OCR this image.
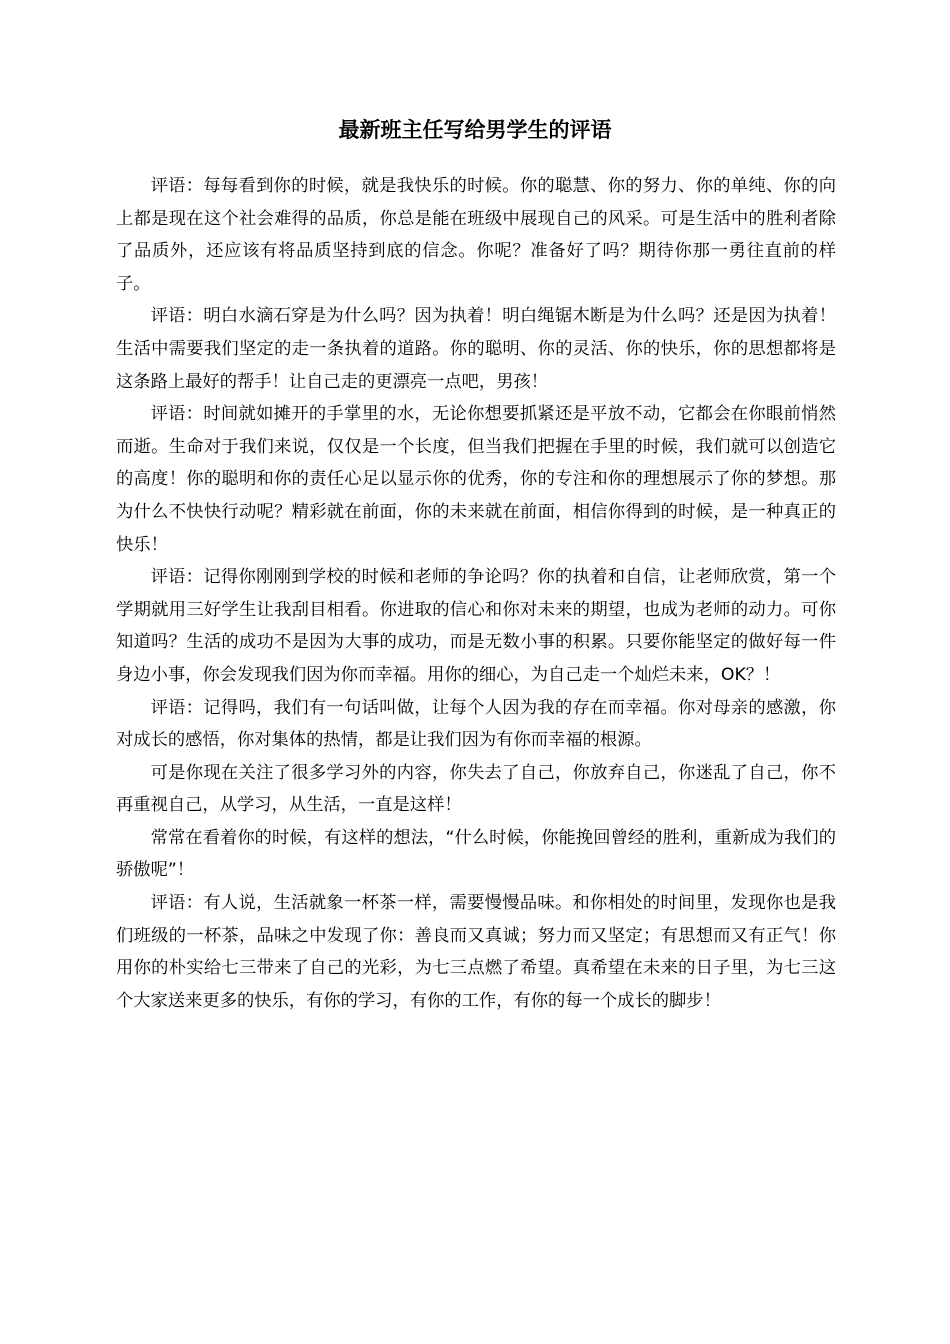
最新班主任写给男学生的评语

评语：每每看到你的时候，就是我快乐的时候。你的聪慧、你的努力、你的单纯、你的向上都是现在这个社会难得的品质，你总是能在班级中展现自己的风采。可是生活中的胜利者除了品质外，还应该有将品质坚持到底的信念。你呢？准备好了吗？期待你那一勇往直前的样子。

评语：明白水滴石穿是为什么吗？因为执着！明白绳锯木断是为什么吗？还是因为执着！生活中需要我们坚定的走一条执着的道路。你的聪明、你的灵活、你的快乐，你的思想都将是这条路上最好的帮手！让自己走的更漂亮一点吧，男孩！

评语：时间就如摊开的手掌里的水，无论你想要抓紧还是平放不动，它都会在你眼前悄然而逝。生命对于我们来说，仅仅是一个长度，但当我们把握在手里的时候，我们就可以创造它的高度！你的聪明和你的责任心足以显示你的优秀，你的专注和你的理想展示了你的梦想。那为什么不快快行动呢？精彩就在前面，你的未来就在前面，相信你得到的时候，是一种真正的快乐！

评语：记得你刚刚到学校的时候和老师的争论吗？你的执着和自信，让老师欣赏，第一个学期就用三好学生让我刮目相看。你进取的信心和你对未来的期望，也成为老师的动力。可你知道吗？生活的成功不是因为大事的成功，而是无数小事的积累。只要你能坚定的做好每一件身边小事，你会发现我们因为你而幸福。用你的细心，为自己走一个灿烂未来，OK？！

评语：记得吗，我们有一句话叫做，让每个人因为我的存在而幸福。你对母亲的感激，你对成长的感悟，你对集体的热情，都是让我们因为有你而幸福的根源。

可是你现在关注了很多学习外的内容，你失去了自己，你放弃自己，你迷乱了自己，你不再重视自己，从学习，从生活，一直是这样！

常常在看着你的时候，有这样的想法，“什么时候，你能挽回曾经的胜利，重新成为我们的骄傲呢”！

评语：有人说，生活就象一杯茶一样，需要慢慢品味。和你相处的时间里，发现你也是我们班级的一杯茶，品味之中发现了你：善良而又真诚；努力而又坚定；有思想而又有正气！你用你的朴实给七三带来了自己的光彩，为七三点燃了希望。真希望在未来的日子里，为七三这个大家送来更多的快乐，有你的学习，有你的工作，有你的每一个成长的脚步！
